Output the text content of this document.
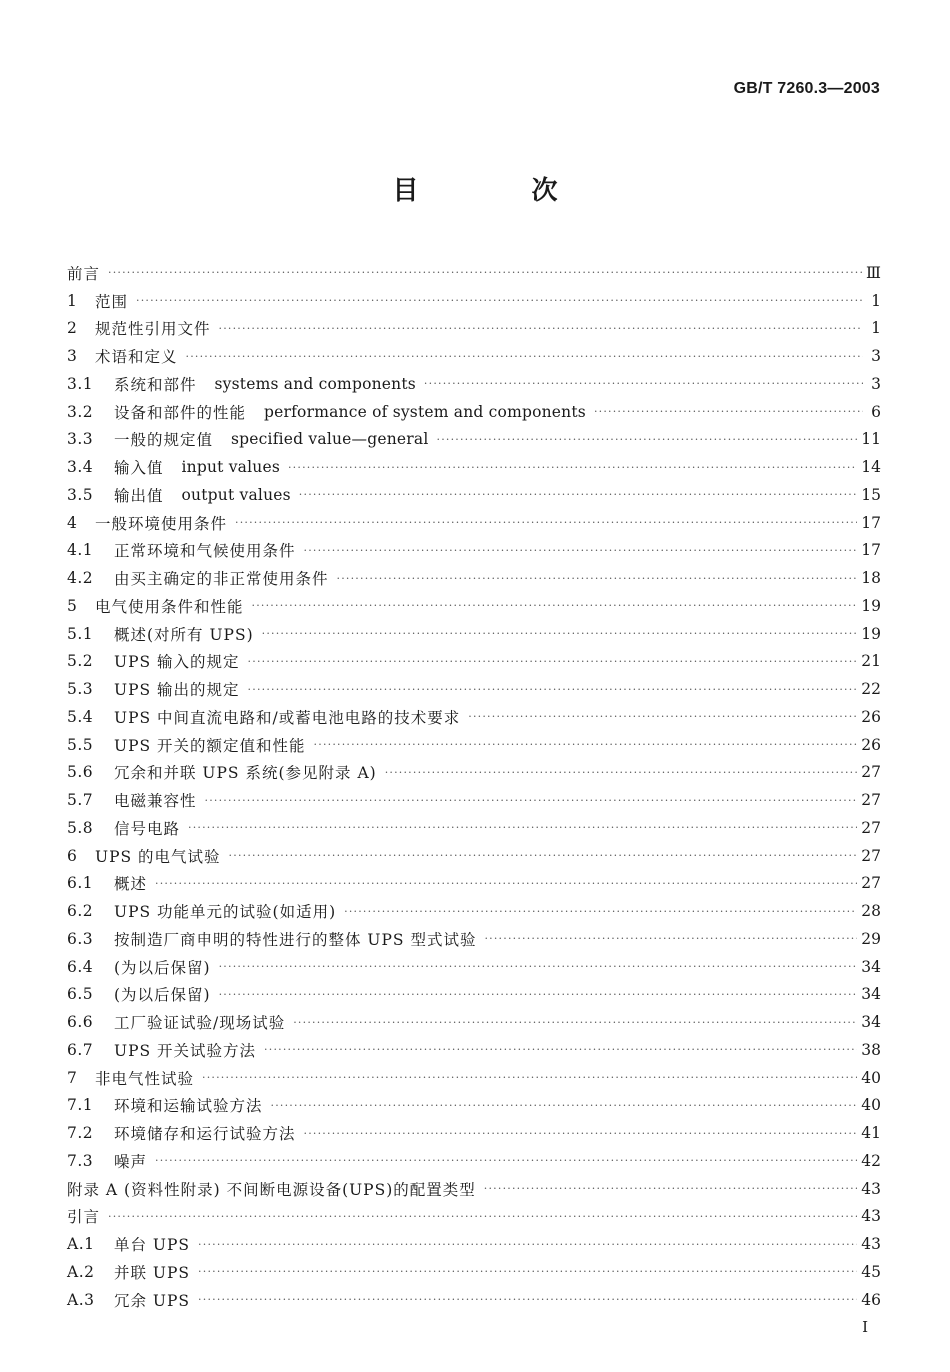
GB/T 7260.3—2003
目 次
前言 ·····	Ⅲ
1	范围 ·····	1
2	规范性引用文件 ·····	1
3	术语和定义 ·····	3
3.1	系统和部件 systems and components ·····	3
3.2	设备和部件的性能 performance of system and components ·····	6
3.3	一般的规定值 specified value—general ·····	11
3.4	输入值 input values ·····	14
3.5	输出值 output values ·····	15
4	一般环境使用条件 ·····	17
4.1	正常环境和气候使用条件 ·····	17
4.2	由买主确定的非正常使用条件 ·····	18
5	电气使用条件和性能 ·····	19
5.1	概述(对所有 UPS) ·····	19
5.2	UPS 输入的规定 ·····	21
5.3	UPS 输出的规定 ·····	22
5.4	UPS 中间直流电路和/或蓄电池电路的技术要求 ·····	26
5.5	UPS 开关的额定值和性能 ·····	26
5.6	冗余和并联 UPS 系统(参见附录 A) ·····	27
5.7	电磁兼容性 ·····	27
5.8	信号电路 ·····	27
6	UPS 的电气试验 ·····	27
6.1	概述 ·····	27
6.2	UPS 功能单元的试验(如适用) ·····	28
6.3	按制造厂商申明的特性进行的整体 UPS 型式试验 ·····	29
6.4	(为以后保留) ·····	34
6.5	(为以后保留) ·····	34
6.6	工厂验证试验/现场试验 ·····	34
6.7	UPS 开关试验方法 ·····	38
7	非电气性试验 ·····	40
7.1	环境和运输试验方法 ·····	40
7.2	环境储存和运行试验方法 ·····	41
7.3	噪声 ·····	42
附录 A (资料性附录) 不间断电源设备(UPS)的配置类型 ·····	43
引言 ·····	43
A.1	单台 UPS ·····	43
A.2	并联 UPS ·····	45
A.3	冗余 UPS ·····	46
I
